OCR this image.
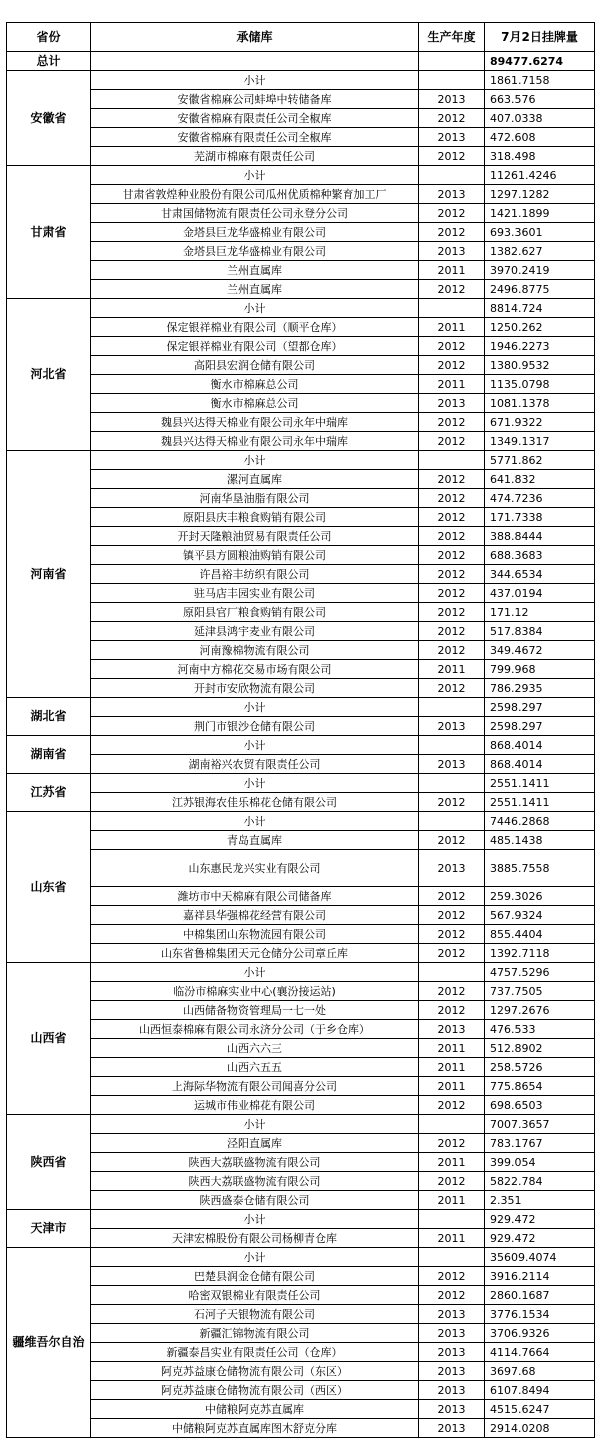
省份	承储库	生产年度	7月2日挂牌量
总计			89477.6274
安徽省	小计		1861.7158
	安徽省棉麻公司蚌埠中转储备库	2013	663.576
	安徽省棉麻有限责任公司全椒库	2012	407.0338
	安徽省棉麻有限责任公司全椒库	2013	472.608
	芜湖市棉麻有限责任公司	2012	318.498
甘肃省	小计		11261.4246
	甘肃省敦煌种业股份有限公司瓜州优质棉种繁育加工厂	2013	1297.1282
	甘肃国储物流有限责任公司永登分公司	2012	1421.1899
	金塔县巨龙华盛棉业有限公司	2012	693.3601
	金塔县巨龙华盛棉业有限公司	2013	1382.627
	兰州直属库	2011	3970.2419
	兰州直属库	2012	2496.8775
河北省	小计		8814.724
	保定银祥棉业有限公司（顺平仓库）	2011	1250.262
	保定银祥棉业有限公司（望都仓库）	2012	1946.2273
	高阳县宏润仓储有限公司	2012	1380.9532
	衡水市棉麻总公司	2011	1135.0798
	衡水市棉麻总公司	2013	1081.1378
	魏县兴达得天棉业有限公司永年中瑞库	2012	671.9322
	魏县兴达得天棉业有限公司永年中瑞库	2012	1349.1317
河南省	小计		5771.862
	漯河直属库	2012	641.832
	河南华垦油脂有限公司	2012	474.7236
	原阳县庆丰粮食购销有限公司	2012	171.7338
	开封天隆粮油贸易有限责任公司	2012	388.8444
	镇平县方圆粮油购销有限公司	2012	688.3683
	许昌裕丰纺织有限公司	2012	344.6534
	驻马店丰园实业有限公司	2012	437.0194
	原阳县官厂粮食购销有限公司	2012	171.12
	延津县鸿宇麦业有限公司	2012	517.8384
	河南豫棉物流有限公司	2012	349.4672
	河南中方棉花交易市场有限公司	2011	799.968
	开封市安欣物流有限公司	2012	786.2935
湖北省	小计		2598.297
	荆门市银沙仓储有限公司	2013	2598.297
湖南省	小计		868.4014
	湖南裕兴农贸有限责任公司	2013	868.4014
江苏省	小计		2551.1411
	江苏银海农佳乐棉花仓储有限公司	2012	2551.1411
山东省	小计		7446.2868
	青岛直属库	2012	485.1438
	山东惠民龙兴实业有限公司	2013	3885.7558
	潍坊市中天棉麻有限公司储备库	2012	259.3026
	嘉祥县华强棉花经营有限公司	2012	567.9324
	中棉集团山东物流园有限公司	2012	855.4404
	山东省鲁棉集团天元仓储分公司章丘库	2012	1392.7118
山西省	小计		4757.5296
	临汾市棉麻实业中心(襄汾接运站)	2012	737.7505
	山西储备物资管理局一七一处	2012	1297.2676
	山西恒泰棉麻有限公司永济分公司（于乡仓库）	2013	476.533
	山西六六三	2011	512.8902
	山西六五五	2011	258.5726
	上海际华物流有限公司闻喜分公司	2011	775.8654
	运城市伟业棉花有限公司	2012	698.6503
陕西省	小计		7007.3657
	泾阳直属库	2012	783.1767
	陕西大荔联盛物流有限公司	2011	399.054
	陕西大荔联盛物流有限公司	2012	5822.784
	陕西盛泰仓储有限公司	2011	2.351
天津市	小计		929.472
	天津宏棉股份有限公司杨柳青仓库	2011	929.472
疆维吾尔自治	小计		35609.4074
	巴楚县润金仓储有限公司	2012	3916.2114
	哈密双银棉业有限责任公司	2012	2860.1687
	石河子天银物流有限公司	2013	3776.1534
	新疆汇锦物流有限公司	2013	3706.9326
	新疆泰昌实业有限责任公司（仓库）	2013	4114.7664
	阿克苏益康仓储物流有限公司（东区）	2013	3697.68
	阿克苏益康仓储物流有限公司（西区）	2013	6107.8494
	中储粮阿克苏直属库	2013	4515.6247
	中储粮阿克苏直属库图木舒克分库	2013	2914.0208
